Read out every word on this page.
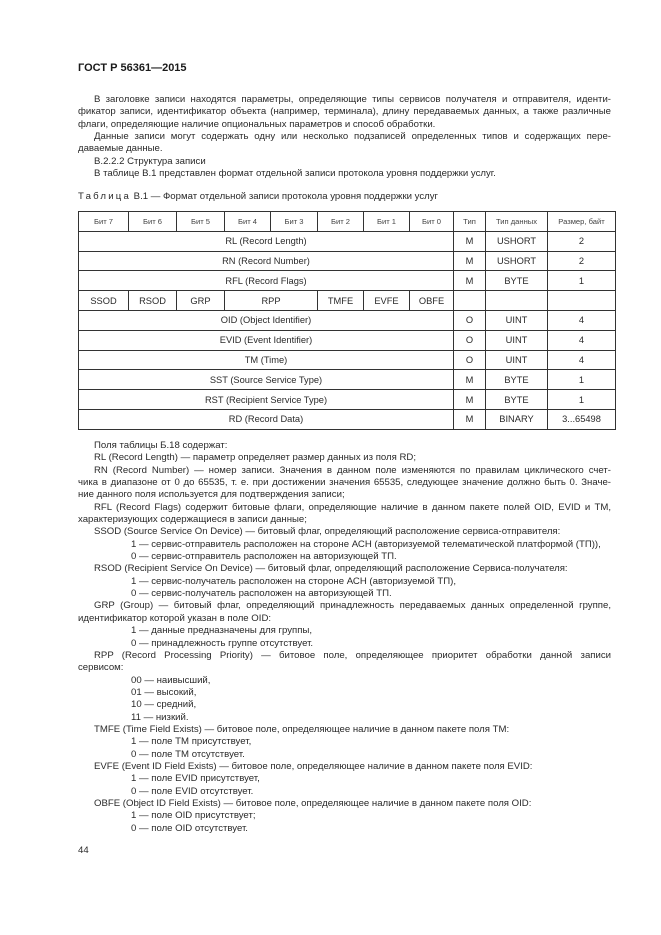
ГОСТ Р 56361—2015
В заголовке записи находятся параметры, определяющие типы сервисов получателя и отправителя, иденти-
фикатор записи, идентификатор объекта (например, терминала), длину передаваемых данных, а также различные
флаги, определяющие наличие опциональных параметров и способ обработки.
Данные записи могут содержать одну или несколько подзаписей определенных типов и содержащих пере-
даваемые данные.
В.2.2.2 Структура записи
В таблице В.1 представлен формат отдельной записи протокола уровня поддержки услуг.
Таблица В.1 — Формат отдельной записи протокола уровня поддержки услуг
Бит 7	Бит 6	Бит 5	Бит 4	Бит 3	Бит 2	Бит 1	Бит 0	Тип	Тип данных	Размер, байт
RL (Record Length)								M	USHORT	2
RN (Record Number)								M	USHORT	2
RFL (Record Flags)								M	BYTE	1
SSOD	RSOD	GRP	RPP		TMFE	EVFE	OBFE			
OID (Object Identifier)								O	UINT	4
EVID (Event Identifier)								O	UINT	4
TM (Time)								O	UINT	4
SST (Source Service Type)								M	BYTE	1
RST (Recipient Service Type)								M	BYTE	1
RD (Record Data)								M	BINARY	3...65498
Поля таблицы Б.18 содержат:
RL (Record Length) — параметр определяет размер данных из поля RD;
RN (Record Number) — номер записи. Значения в данном поле изменяются по правилам циклического счет-
чика в диапазоне от 0 до 65535, т. е. при достижении значения 65535, следующее значение должно быть 0. Значе-
ние данного поля используется для подтверждения записи;
RFL (Record Flags) содержит битовые флаги, определяющие наличие в данном пакете полей OID, EVID и TM,
характеризующих содержащиеся в записи данные;
SSOD (Source Service On Device) — битовый флаг, определяющий расположение сервиса-отправителя:
1 — сервис-отправитель расположен на стороне АСН (авторизуемой телематической платформой (ТП)),
0 — сервис-отправитель расположен на авторизующей ТП.
RSOD (Recipient Service On Device) — битовый флаг, определяющий расположение Сервиса-получателя:
1 — сервис-получатель расположен на стороне АСН (авторизуемой ТП),
0 — сервис-получатель расположен на авторизующей ТП.
GRP (Group) — битовый флаг, определяющий принадлежность передаваемых данных определенной группе,
идентификатор которой указан в поле OID:
1 — данные предназначены для группы,
0 — принадлежность группе отсутствует.
RPP (Record Processing Priority) — битовое поле, определяющее приоритет обработки данной записи
сервисом:
00 — наивысший,
01 — высокий,
10 — средний,
11 — низкий.
TMFE (Time Field Exists) — битовое поле, определяющее наличие в данном пакете поля TM:
1 — поле TM присутствует,
0 — поле TM отсутствует.
EVFE (Event ID Field Exists) — битовое поле, определяющее наличие в данном пакете поля EVID:
1 — поле EVID присутствует,
0 — поле EVID отсутствует.
OBFE (Object ID Field Exists) — битовое поле, определяющее наличие в данном пакете поля OID:
1 — поле OID присутствует;
0 — поле OID отсутствует.
44
